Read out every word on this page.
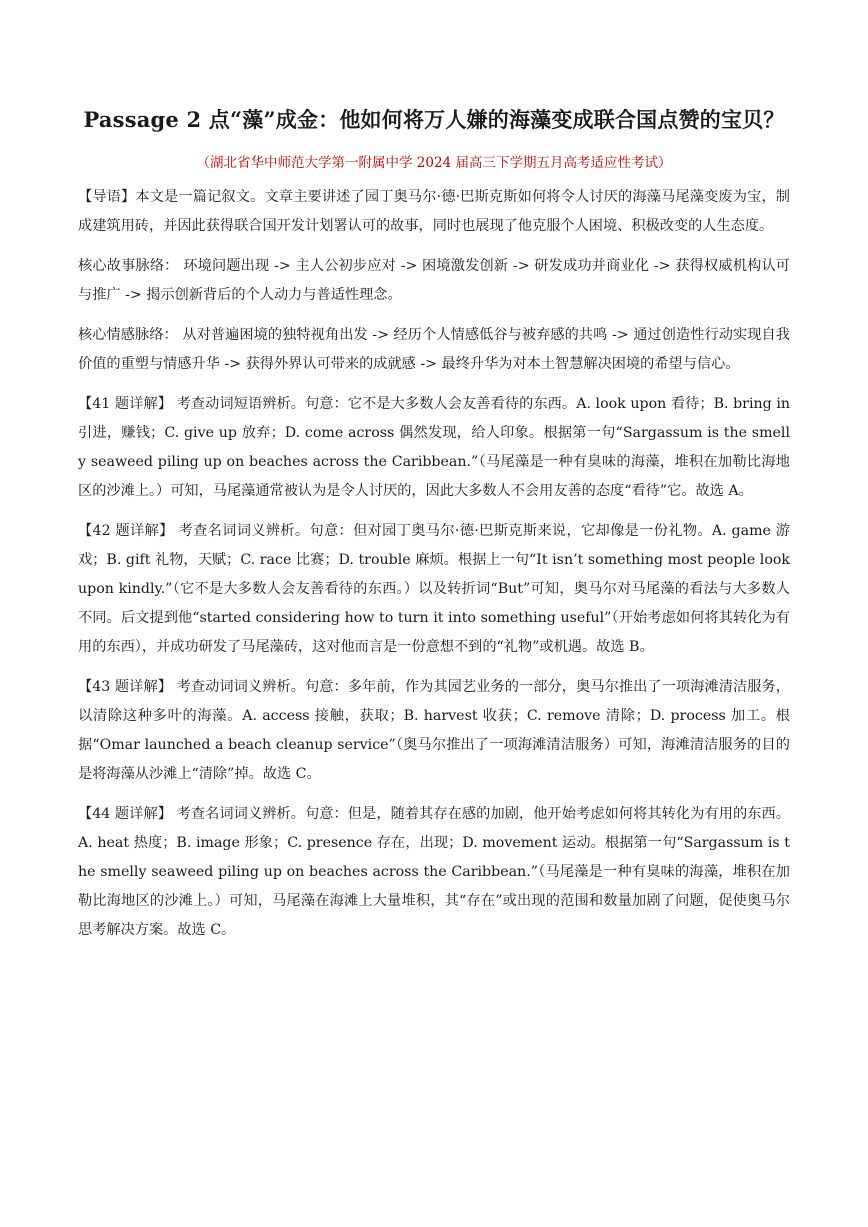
Passage 2 点“藻”成金：他如何将万人嫌的海藻变成联合国点赞的宝贝？
（湖北省华中师范大学第一附属中学 2024 届高三下学期五月高考适应性考试）

【导语】本文是一篇记叙文。文章主要讲述了园丁奥马尔·德·巴斯克斯如何将令人讨厌的海藻马尾藻变废为宝，制成建筑用砖，并因此获得联合国开发计划署认可的故事，同时也展现了他克服个人困境、积极改变的人生态度。

核心故事脉络： 环境问题出现 -> 主人公初步应对 -> 困境激发创新 -> 研发成功并商业化 -> 获得权威机构认可与推广 -> 揭示创新背后的个人动力与普适性理念。

核心情感脉络： 从对普遍困境的独特视角出发 -> 经历个人情感低谷与被弃感的共鸣 -> 通过创造性行动实现自我价值的重塑与情感升华 -> 获得外界认可带来的成就感 -> 最终升华为对本土智慧解决困境的希望与信心。

【41 题详解】 考查动词短语辨析。句意：它不是大多数人会友善看待的东西。A. look upon 看待；B. bring in 引进，赚钱；C. give up 放弃；D. come across 偶然发现，给人印象。根据第一句“Sargassum is the smelly seaweed piling up on beaches across the Caribbean.”（马尾藻是一种有臭味的海藻，堆积在加勒比海地区的沙滩上。）可知，马尾藻通常被认为是令人讨厌的，因此大多数人不会用友善的态度“看待”它。故选 A。

【42 题详解】 考查名词词义辨析。句意：但对园丁奥马尔·德·巴斯克斯来说，它却像是一份礼物。A. game 游戏；B. gift 礼物，天赋；C. race 比赛；D. trouble 麻烦。根据上一句“It isn’t something most people look upon kindly.”（它不是大多数人会友善看待的东西。）以及转折词“But”可知，奥马尔对马尾藻的看法与大多数人不同。后文提到他“started considering how to turn it into something useful”（开始考虑如何将其转化为有用的东西），并成功研发了马尾藻砖，这对他而言是一份意想不到的“礼物”或机遇。故选 B。

【43 题详解】 考查动词词义辨析。句意：多年前，作为其园艺业务的一部分，奥马尔推出了一项海滩清洁服务，以清除这种多叶的海藻。A. access 接触，获取；B. harvest 收获；C. remove 清除；D. process 加工。根据“Omar launched a beach cleanup service”（奥马尔推出了一项海滩清洁服务）可知，海滩清洁服务的目的是将海藻从沙滩上“清除”掉。故选 C。

【44 题详解】 考查名词词义辨析。句意：但是，随着其存在感的加剧，他开始考虑如何将其转化为有用的东西。A. heat 热度；B. image 形象；C. presence 存在，出现；D. movement 运动。根据第一句“Sargassum is the smelly seaweed piling up on beaches across the Caribbean.”（马尾藻是一种有臭味的海藻，堆积在加勒比海地区的沙滩上。）可知，马尾藻在海滩上大量堆积，其“存在”或出现的范围和数量加剧了问题，促使奥马尔思考解决方案。故选 C。
